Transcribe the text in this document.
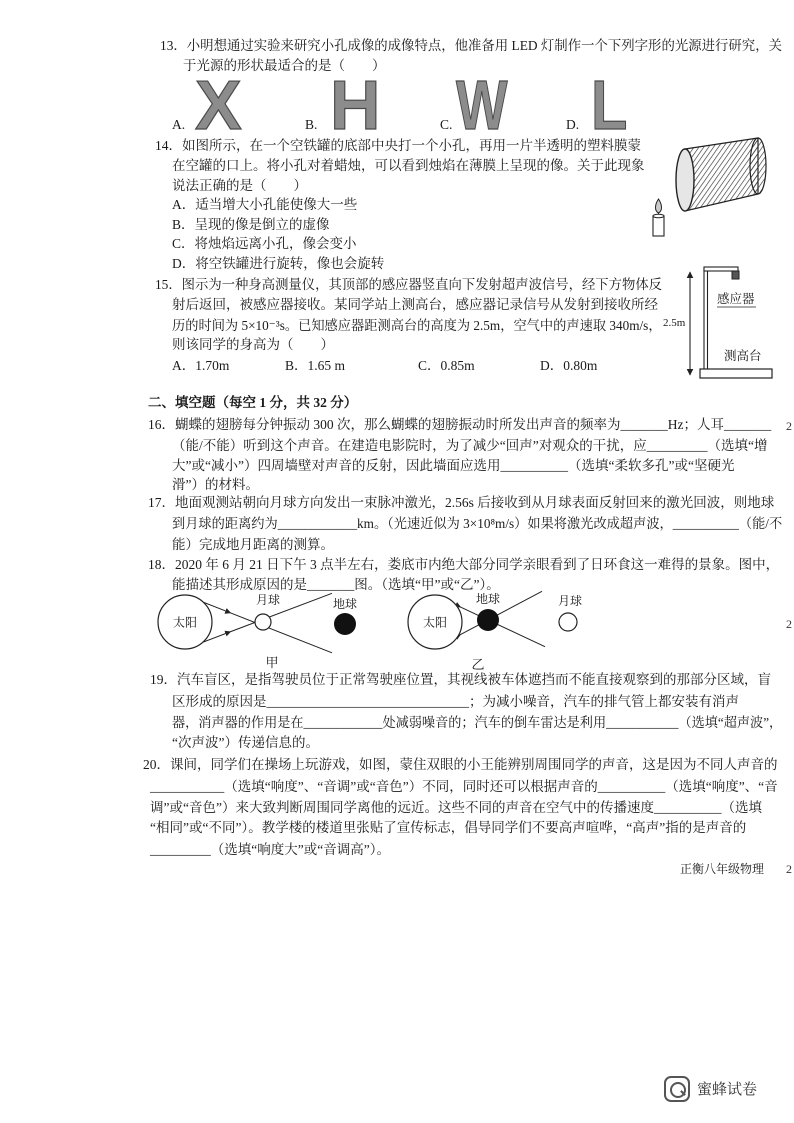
13．小明想通过实验来研究小孔成像的成像特点，他准备用 LED 灯制作一个下列字形的光源进行研究，关
于光源的形状最适合的是（　　）
A. X	B. H	C. W	D. L
14．如图所示，在一个空铁罐的底部中央打一个小孔，再用一片半透明的塑料膜蒙
在空罐的口上。将小孔对着蜡烛，可以看到烛焰在薄膜上呈现的像。关于此现象
说法正确的是（　　）
A．适当增大小孔能使像大一些
B．呈现的像是倒立的虚像
C．将烛焰远离小孔，像会变小
D．将空铁罐进行旋转，像也会旋转
15．图示为一种身高测量仪，其顶部的感应器竖直向下发射超声波信号，经下方物体反
射后返回，被感应器接收。某同学站上测高台，感应器记录信号从发射到接收所经
历的时间为 5×10⁻³s。已知感应器距测高台的高度为 2.5m，空气中的声速取 340m/s，
则该同学的身高为（　　）
A．1.70m	B．1.65 m	C．0.85m	D．0.80m
2.5m
感应器
测高台
二、填空题（每空 1 分，共 32 分）
16．蝴蝶的翅膀每分钟振动 300 次，那么蝴蝶的翅膀振动时所发出声音的频率为_______Hz；人耳_______
（能/不能）听到这个声音。在建造电影院时，为了减少“回声”对观众的干扰，应_________（选填“增
大”或“减小”）四周墙壁对声音的反射，因此墙面应选用__________（选填“柔软多孔”或“坚硬光
滑”）的材料。
17．地面观测站朝向月球方向发出一束脉冲激光，2.56s 后接收到从月球表面反射回来的激光回波，则地球
到月球的距离约为____________km。（光速近似为 3×10⁸m/s）如果将激光改成超声波，__________（能/不
能）完成地月距离的测算。
18．2020 年 6 月 21 日下午 3 点半左右，娄底市内绝大部分同学亲眼看到了日环食这一难得的景象。图中，
能描述其形成原因的是_______图。（选填“甲”或“乙”）。
太阳
月球	地球
甲
太阳
地球	月球
乙
19．汽车盲区，是指驾驶员位于正常驾驶座位置，其视线被车体遮挡而不能直接观察到的那部分区域，盲
区形成的原因是______________________________；为减小噪音，汽车的排气管上都安装有消声
器，消声器的作用是在____________处减弱噪音的；汽车的倒车雷达是利用___________（选填“超声波”，
“次声波”）传递信息的。
20．课间，同学们在操场上玩游戏，如图，蒙住双眼的小王能辨别周围同学的声音，这是因为不同人声音的
___________（选填“响度”、“音调”或“音色”）不同，同时还可以根据声音的__________（选填“响度”、“音
调”或“音色”）来大致判断周围同学离他的远近。这些不同的声音在空气中的传播速度__________（选填
“相同”或“不同”）。教学楼的楼道里张贴了宣传标志，倡导同学们不要高声喧哗，“高声”指的是声音的
_________（选填“响度大”或“音调高”）。
正衡八年级物理 2
2
2
蜜蜂试卷
